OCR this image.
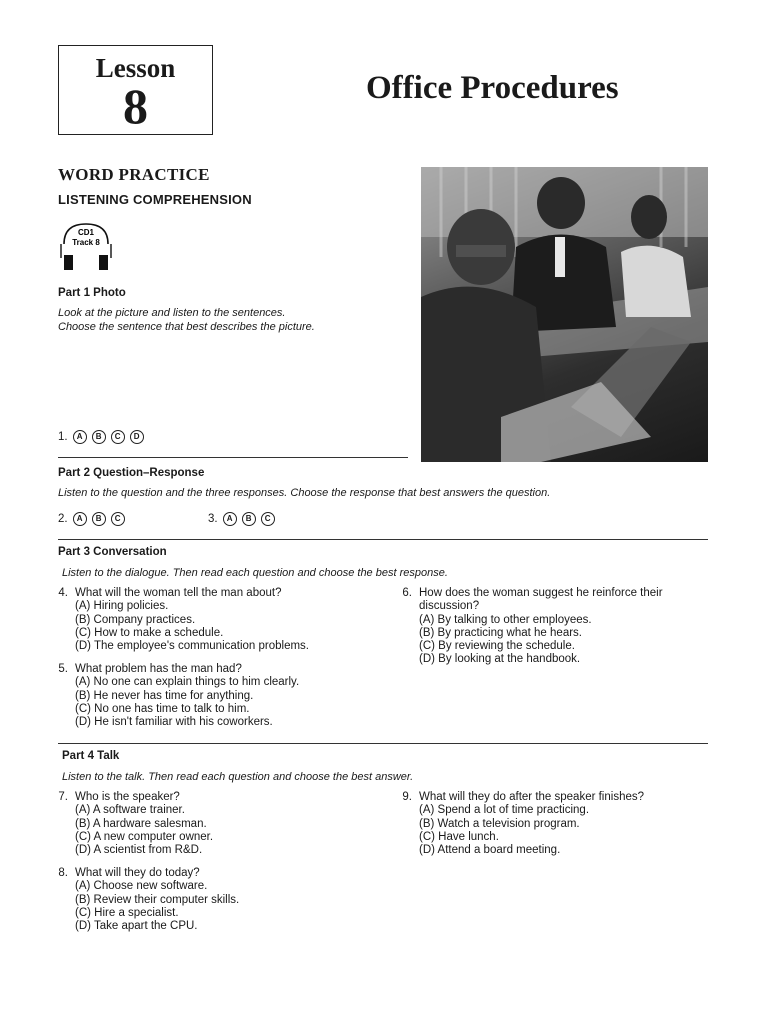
Lesson
8	Office Procedures
WORD PRACTICE
LISTENING COMPREHENSION
CD1
Track 8
Part 1 Photo
Look at the picture and listen to the sentences.
Choose the sentence that best describes the picture.
1.	A	B	C	D
Part 2 Question–Response
Listen to the question and the three responses. Choose the response that best answers the question.
2.	A	B	C	3.	A	B	C
Part 3 Conversation
Listen to the dialogue. Then read each question and choose the best response.
4. What will the woman tell the man about?
(A) Hiring policies.
(B) Company practices.
(C) How to make a schedule.
(D) The employee's communication problems.
5. What problem has the man had?
(A) No one can explain things to him clearly.
(B) He never has time for anything.
(C) No one has time to talk to him.
(D) He isn't familiar with his coworkers.
6. How does the woman suggest he reinforce their
discussion?
(A) By talking to other employees.
(B) By practicing what he hears.
(C) By reviewing the schedule.
(D) By looking at the handbook.
Part 4 Talk
Listen to the talk. Then read each question and choose the best answer.
7. Who is the speaker?
(A) A software trainer.
(B) A hardware salesman.
(C) A new computer owner.
(D) A scientist from R&D.
8. What will they do today?
(A) Choose new software.
(B) Review their computer skills.
(C) Hire a specialist.
(D) Take apart the CPU.
9. What will they do after the speaker finishes?
(A) Spend a lot of time practicing.
(B) Watch a television program.
(C) Have lunch.
(D) Attend a board meeting.
